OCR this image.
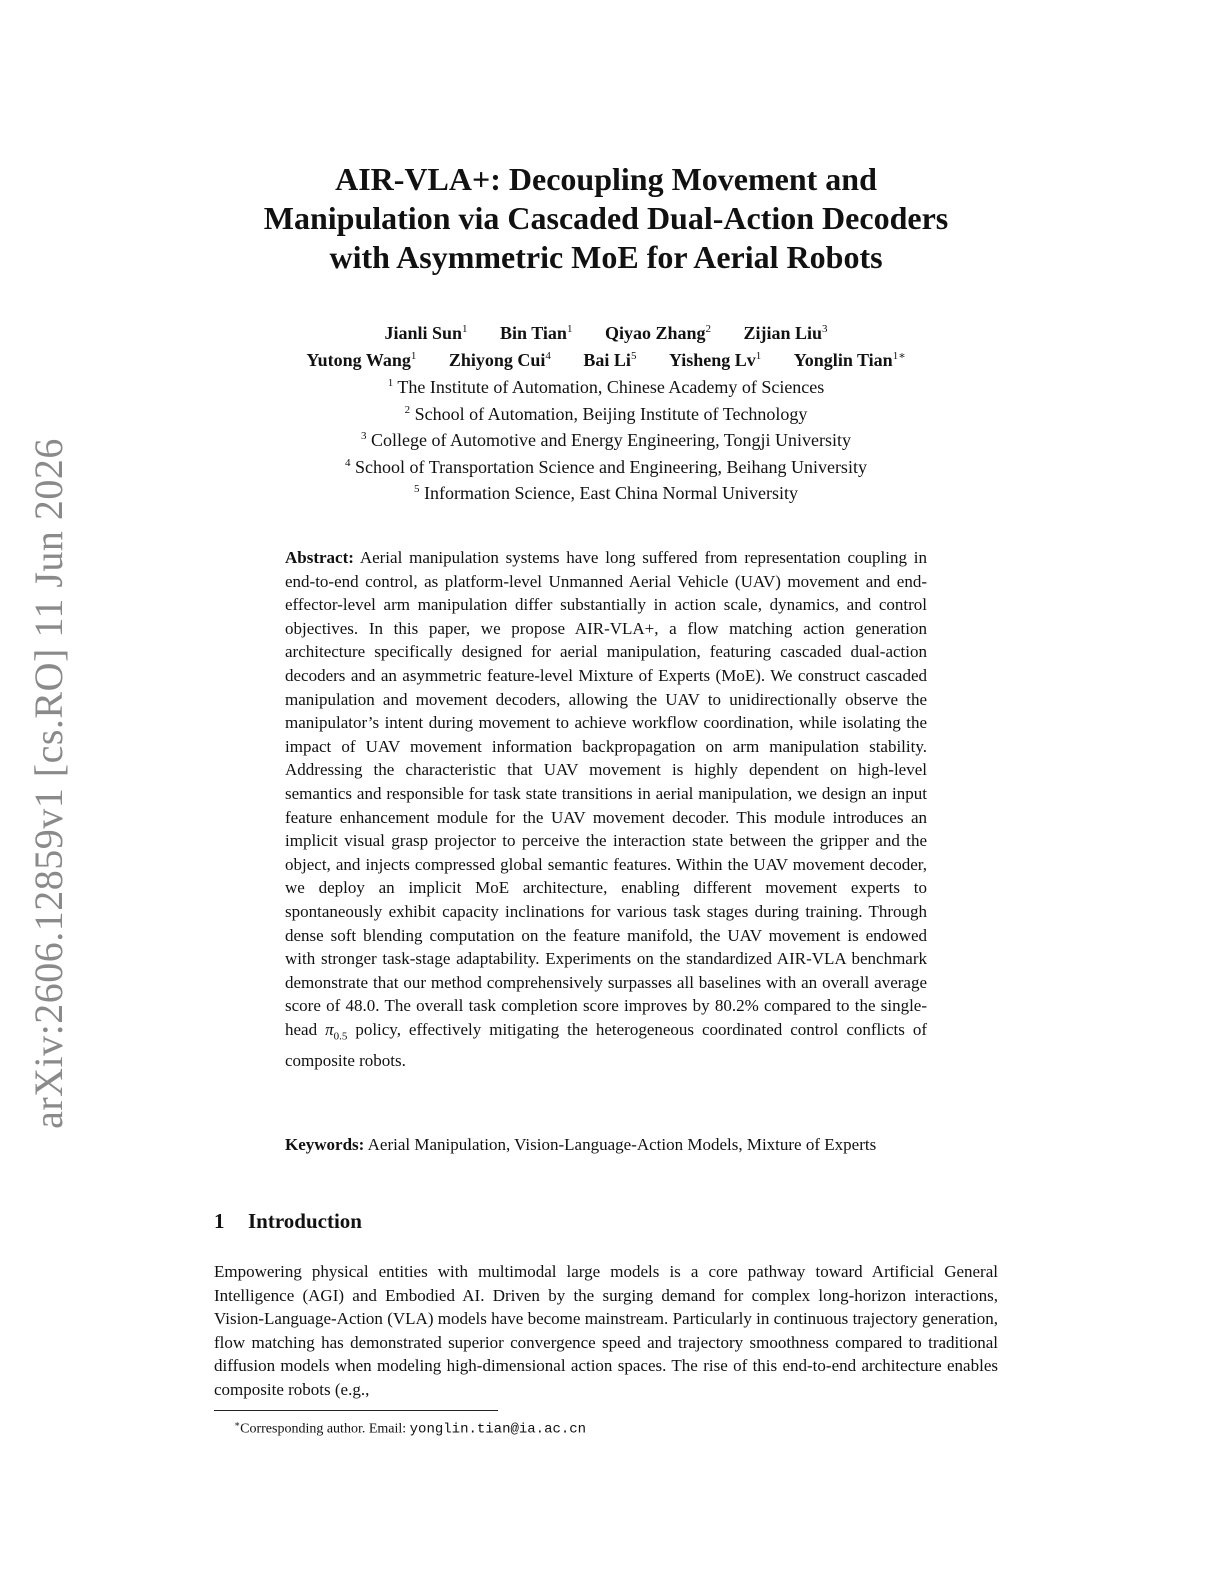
arXiv:2606.12859v1 [cs.RO] 11 Jun 2026
AIR-VLA+: Decoupling Movement and
Manipulation via Cascaded Dual-Action Decoders
with Asymmetric MoE for Aerial Robots
Jianli Sun$^1$ Bin Tian$^1$ Qiyao Zhang$^2$ Zijian Liu$^3$
Yutong Wang$^1$ Zhiyong Cui$^4$ Bai Li$^5$ Yisheng Lv$^1$ Yonglin Tian$^{1∗}$
$^1$ The Institute of Automation, Chinese Academy of Sciences
$^2$ School of Automation, Beijing Institute of Technology
$^3$ College of Automotive and Energy Engineering, Tongji University
$^4$ School of Transportation Science and Engineering, Beihang University
$^5$ Information Science, East China Normal University

Abstract: Aerial manipulation systems have long suffered from representation coupling in end-to-end control, as platform-level Unmanned Aerial Vehicle (UAV) movement and end-effector-level arm manipulation differ substantially in action scale, dynamics, and control objectives. In this paper, we propose AIR-VLA+, a flow matching action generation architecture specifically designed for aerial manipulation, featuring cascaded dual-action decoders and an asymmetric feature-level Mixture of Experts (MoE). We construct cascaded manipulation and movement decoders, allowing the UAV to unidirectionally observe the manipulator’s intent during movement to achieve workflow coordination, while isolating the impact of UAV movement information backpropagation on arm manipulation stability. Addressing the characteristic that UAV movement is highly dependent on high-level semantics and responsible for task state transitions in aerial manipulation, we design an input feature enhancement module for the UAV movement decoder. This module introduces an implicit visual grasp projector to perceive the interaction state between the gripper and the object, and injects compressed global semantic features. Within the UAV movement decoder, we deploy an implicit MoE architecture, enabling different movement experts to spontaneously exhibit capacity inclinations for various task stages during training. Through dense soft blending computation on the feature manifold, the UAV movement is endowed with stronger task-stage adaptability. Experiments on the standardized AIR-VLA benchmark demonstrate that our method comprehensively surpasses all baselines with an overall average score of 48.0. The overall task completion score improves by 80.2% compared to the single-head $\pi_{0.5}$ policy, effectively mitigating the heterogeneous coordinated control conflicts of composite robots.

Keywords: Aerial Manipulation, Vision-Language-Action Models, Mixture of Experts

1 Introduction

Empowering physical entities with multimodal large models is a core pathway toward Artificial General Intelligence (AGI) and Embodied AI. Driven by the surging demand for complex long-horizon interactions, Vision-Language-Action (VLA) models have become mainstream. Particularly in continuous trajectory generation, flow matching has demonstrated superior convergence speed and trajectory smoothness compared to traditional diffusion models when modeling high-dimensional action spaces. The rise of this end-to-end architecture enables composite robots (e.g.,

∗Corresponding author. Email: yonglin.tian@ia.ac.cn
